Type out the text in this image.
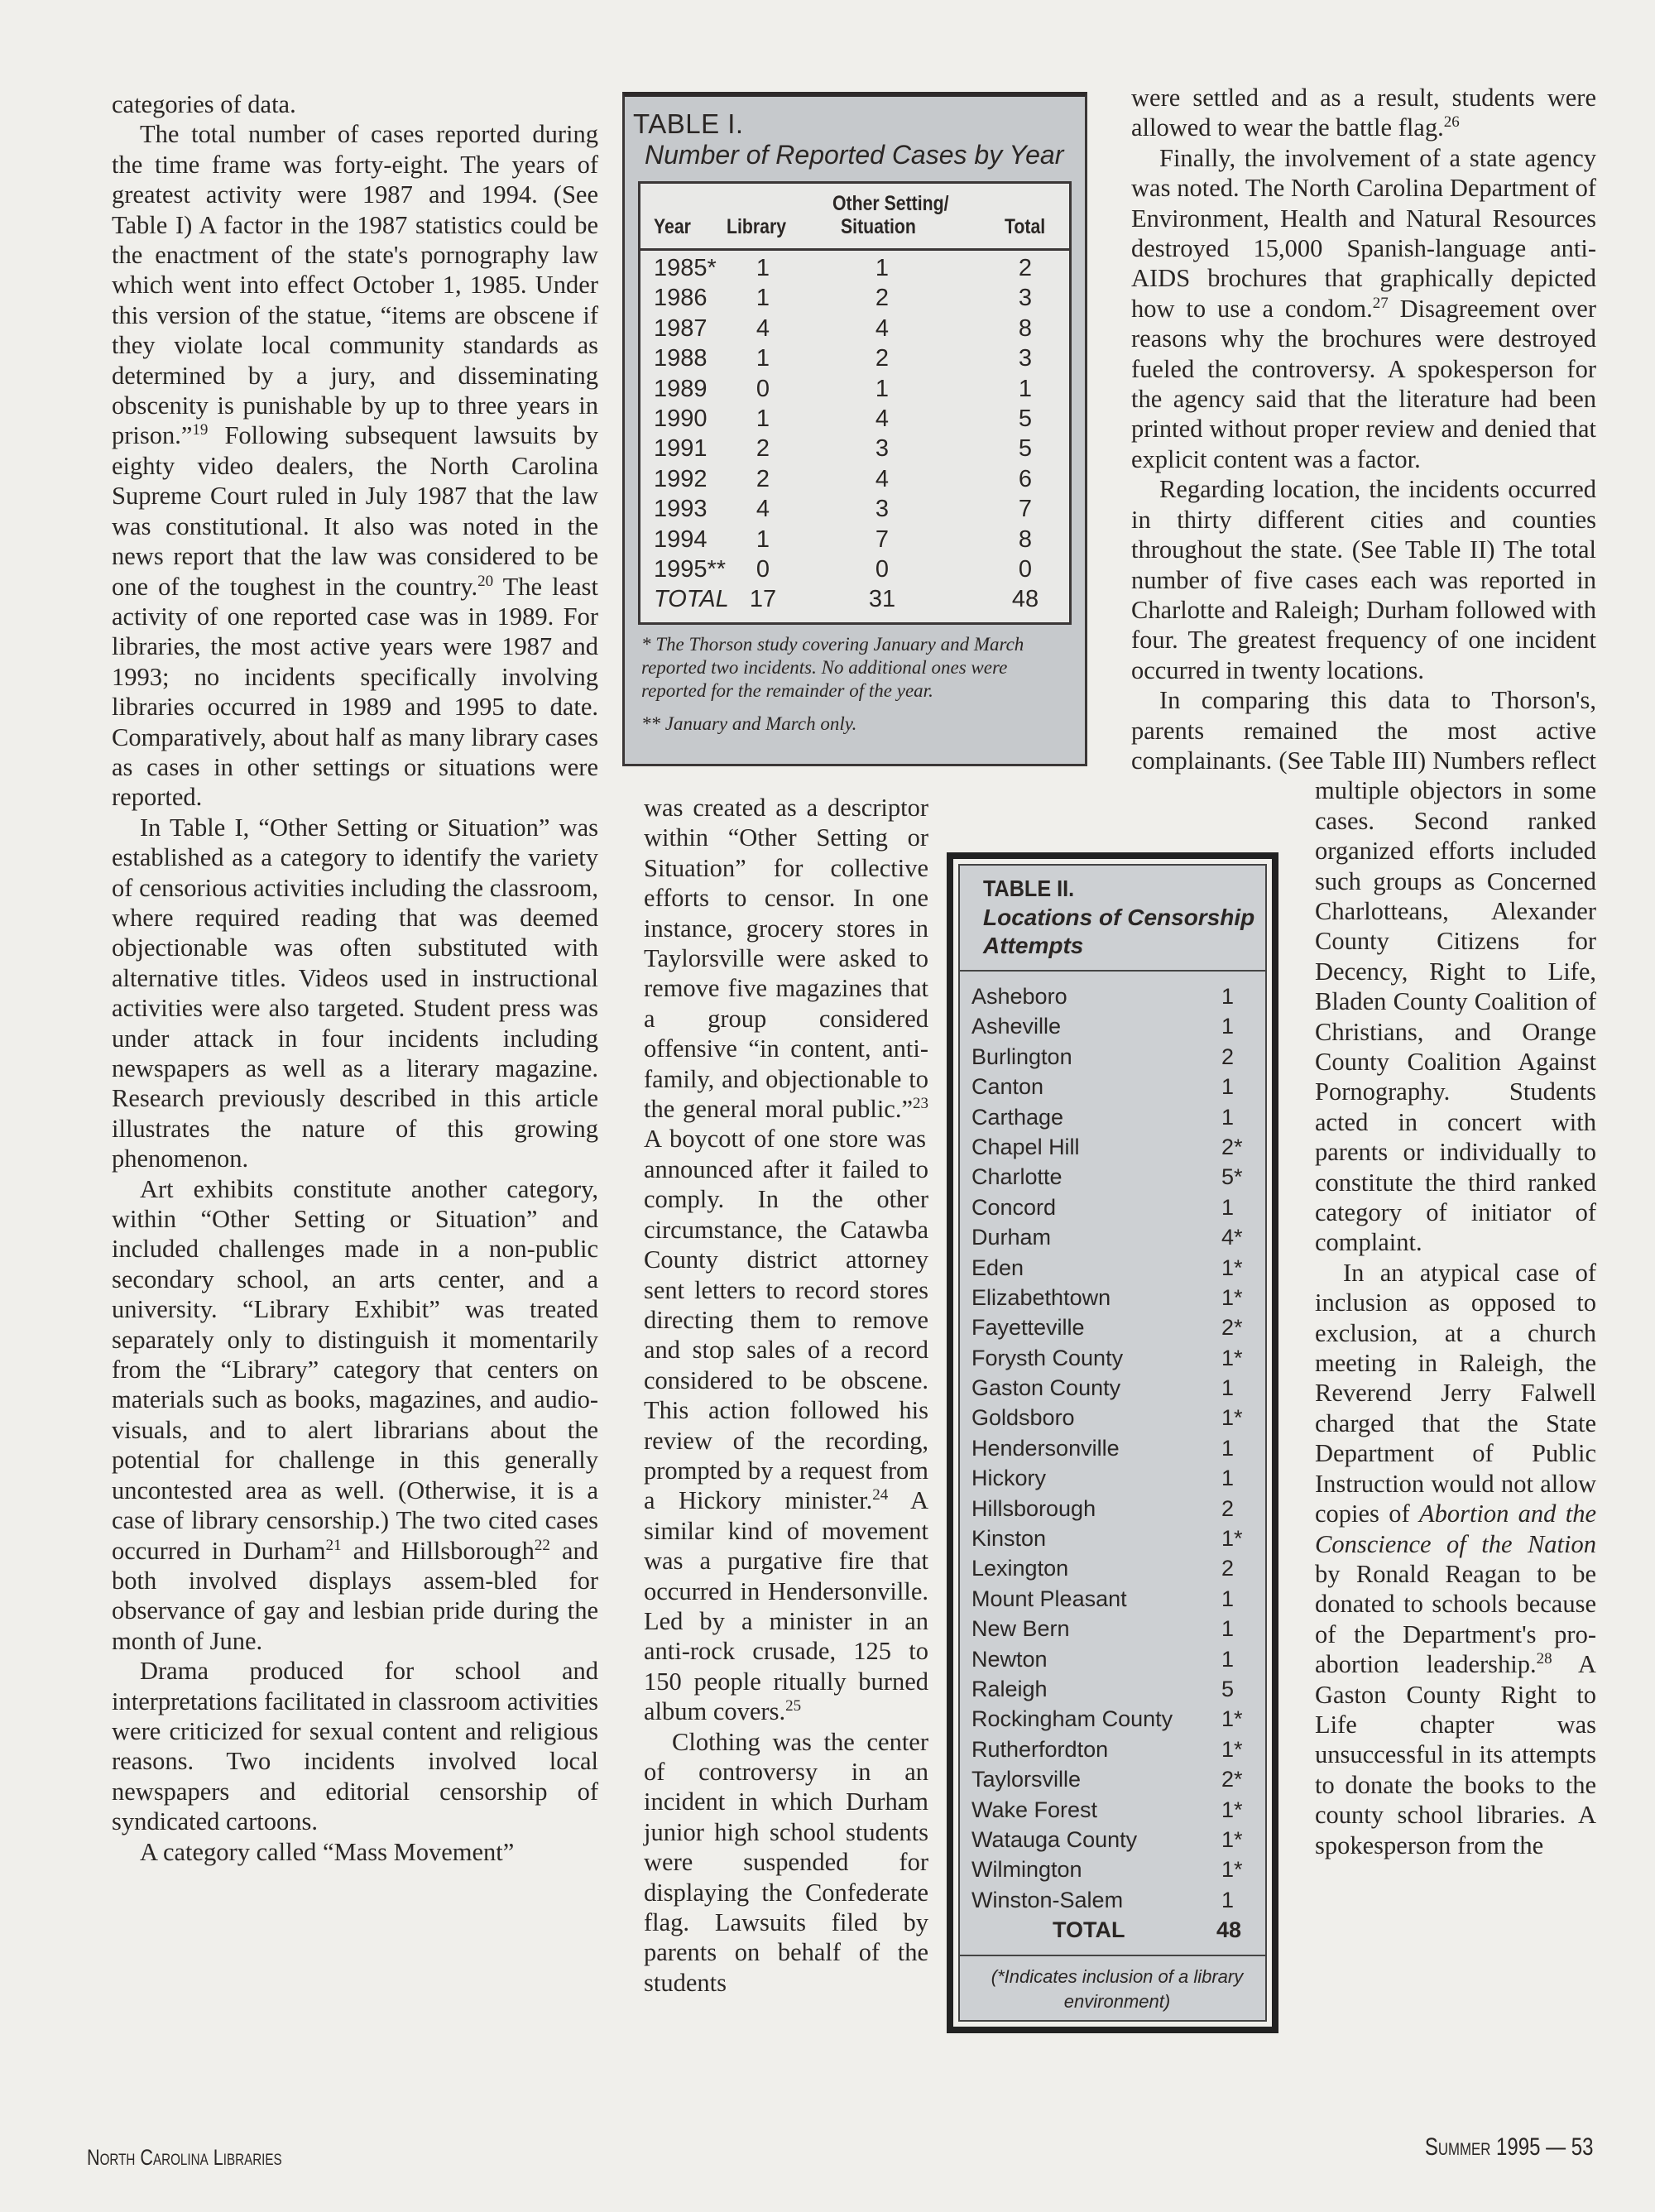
categories of data.

The total number of cases reported during the time frame was forty-eight. The years of greatest activity were 1987 and 1994. (See Table I) A factor in the 1987 statistics could be the enactment of the state's pornography law which went into effect October 1, 1985. Under this version of the statue, “items are obscene if they violate local community standards as determined by a jury, and disseminating obscenity is punishable by up to three years in prison.”$^{19}$ Following subsequent lawsuits by eighty video dealers, the North Carolina Supreme Court ruled in July 1987 that the law was constitutional. It also was noted in the news report that the law was considered to be one of the toughest in the country.$^{20}$ The least activity of one reported case was in 1989. For libraries, the most active years were 1987 and 1993; no incidents specifically involving libraries occurred in 1989 and 1995 to date. Comparatively, about half as many library cases as cases in other settings or situations were reported.

In Table I, “Other Setting or Situation” was established as a category to identify the variety of censorious activities including the classroom, where required reading that was deemed objectionable was often substituted with alternative titles. Videos used in instructional activities were also targeted. Student press was under attack in four incidents including newspapers as well as a literary magazine. Research previously described in this article illustrates the nature of this growing phenomenon.

Art exhibits constitute another category, within “Other Setting or Situation” and included challenges made in a non-public secondary school, an arts center, and a university. “Library Exhibit” was treated separately only to distinguish it momentarily from the “Library” category that centers on materials such as books, magazines, and audio-visuals, and to alert librarians about the potential for challenge in this generally uncontested area as well. (Otherwise, it is a case of library censorship.) The two cited cases occurred in Durham$^{21}$ and Hillsborough$^{22}$ and both involved displays assem-bled for observance of gay and lesbian pride during the month of June.

Drama produced for school and interpretations facilitated in classroom activities were criticized for sexual content and religious reasons. Two incidents involved local newspapers and editorial censorship of syndicated cartoons.

A category called “Mass Movement”

was created as a descriptor within “Other Setting or Situation” for collective efforts to censor. In one instance, grocery stores in Taylorsville were asked to remove five magazines that a group considered offensive “in content, anti-family, and objectionable to the general moral public.”$^{23}$ A boycott of one store was announced after it failed to comply. In the other circumstance, the Catawba County district attorney sent letters to record stores directing them to remove and stop sales of a record considered to be obscene. This action followed his review of the recording, prompted by a request from a Hickory minister.$^{24}$ A similar kind of movement was a purgative fire that occurred in Hendersonville. Led by a minister in an anti-rock crusade, 125 to 150 people ritually burned album covers.$^{25}$

Clothing was the center of controversy in an incident in which Durham junior high school students were suspended for displaying the Confederate flag. Lawsuits filed by parents on behalf of the students

were settled and as a result, students were allowed to wear the battle flag.$^{26}$

Finally, the involvement of a state agency was noted. The North Carolina Department of Environment, Health and Natural Resources destroyed 15,000 Spanish-language anti-AIDS brochures that graphically depicted how to use a condom.$^{27}$ Disagreement over reasons why the brochures were destroyed fueled the controversy. A spokesperson for the agency said that the literature had been printed without proper review and denied that explicit content was a factor.

Regarding location, the incidents occurred in thirty different cities and counties throughout the state. (See Table II) The total number of five cases each was reported in Charlotte and Raleigh; Durham followed with four. The greatest frequency of one incident occurred in twenty locations.

In comparing this data to Thorson's, parents remained the most active complainants. (See Table III) Numbers reflect multiple objectors in some cases. Second ranked organized efforts included such groups as Concerned Charlotteans, Alexander County Citizens for Decency, Right to Life, Bladen County Coalition of Christians, and Orange County Coalition Against Pornography. Students acted in concert with parents or individually to constitute the third ranked category of initiator of complaint.

In an atypical case of inclusion as opposed to exclusion, at a church meeting in Raleigh, the Reverend Jerry Falwell charged that the State Department of Public Instruction would not allow copies of Abortion and the Conscience of the Nation by Ronald Reagan to be donated to schools because of the Department's pro-abortion leadership.$^{28}$ A Gaston County Right to Life chapter was unsuccessful in its attempts to donate the books to the county school libraries. A spokesperson from the

TABLE I.
Number of Reported Cases by Year
Year Library
Other Setting/
Situation	Total
1985*	1	1	2
1986	1	2	3
1987	4	4	8
1988	1	2	3
1989	0	1	1
1990	1	4	5
1991	2	3	5
1992	2	4	6
1993	4	3	7
1994	1	7	8
1995**	0	0	0
TOTAL 17	31	48

* The Thorson study covering January and March reported two incidents. No additional ones were reported for the remainder of the year.

** January and March only.

TABLE II.
Locations of Censorship Attempts
Asheboro	1
Asheville	1
Burlington	2
Canton	1
Carthage	1
Chapel Hill	2*
Charlotte	5*
Concord	1
Durham	4*
Eden	1*
Elizabethtown	1*
Fayetteville	2*
Forysth County	1*
Gaston County	1
Goldsboro	1*
Hendersonville	1
Hickory	1
Hillsborough	2
Kinston	1*
Lexington	2
Mount Pleasant	1
New Bern	1
Newton	1
Raleigh	5
Rockingham County 1*
Rutherfordton	1*
Taylorsville	2*
Wake Forest	1*
Watauga County	1*
Wilmington	1*
Winston-Salem	1
TOTAL	48
(*Indicates inclusion of a library environment)
North Carolina Libraries	Summer 1995 — 53
